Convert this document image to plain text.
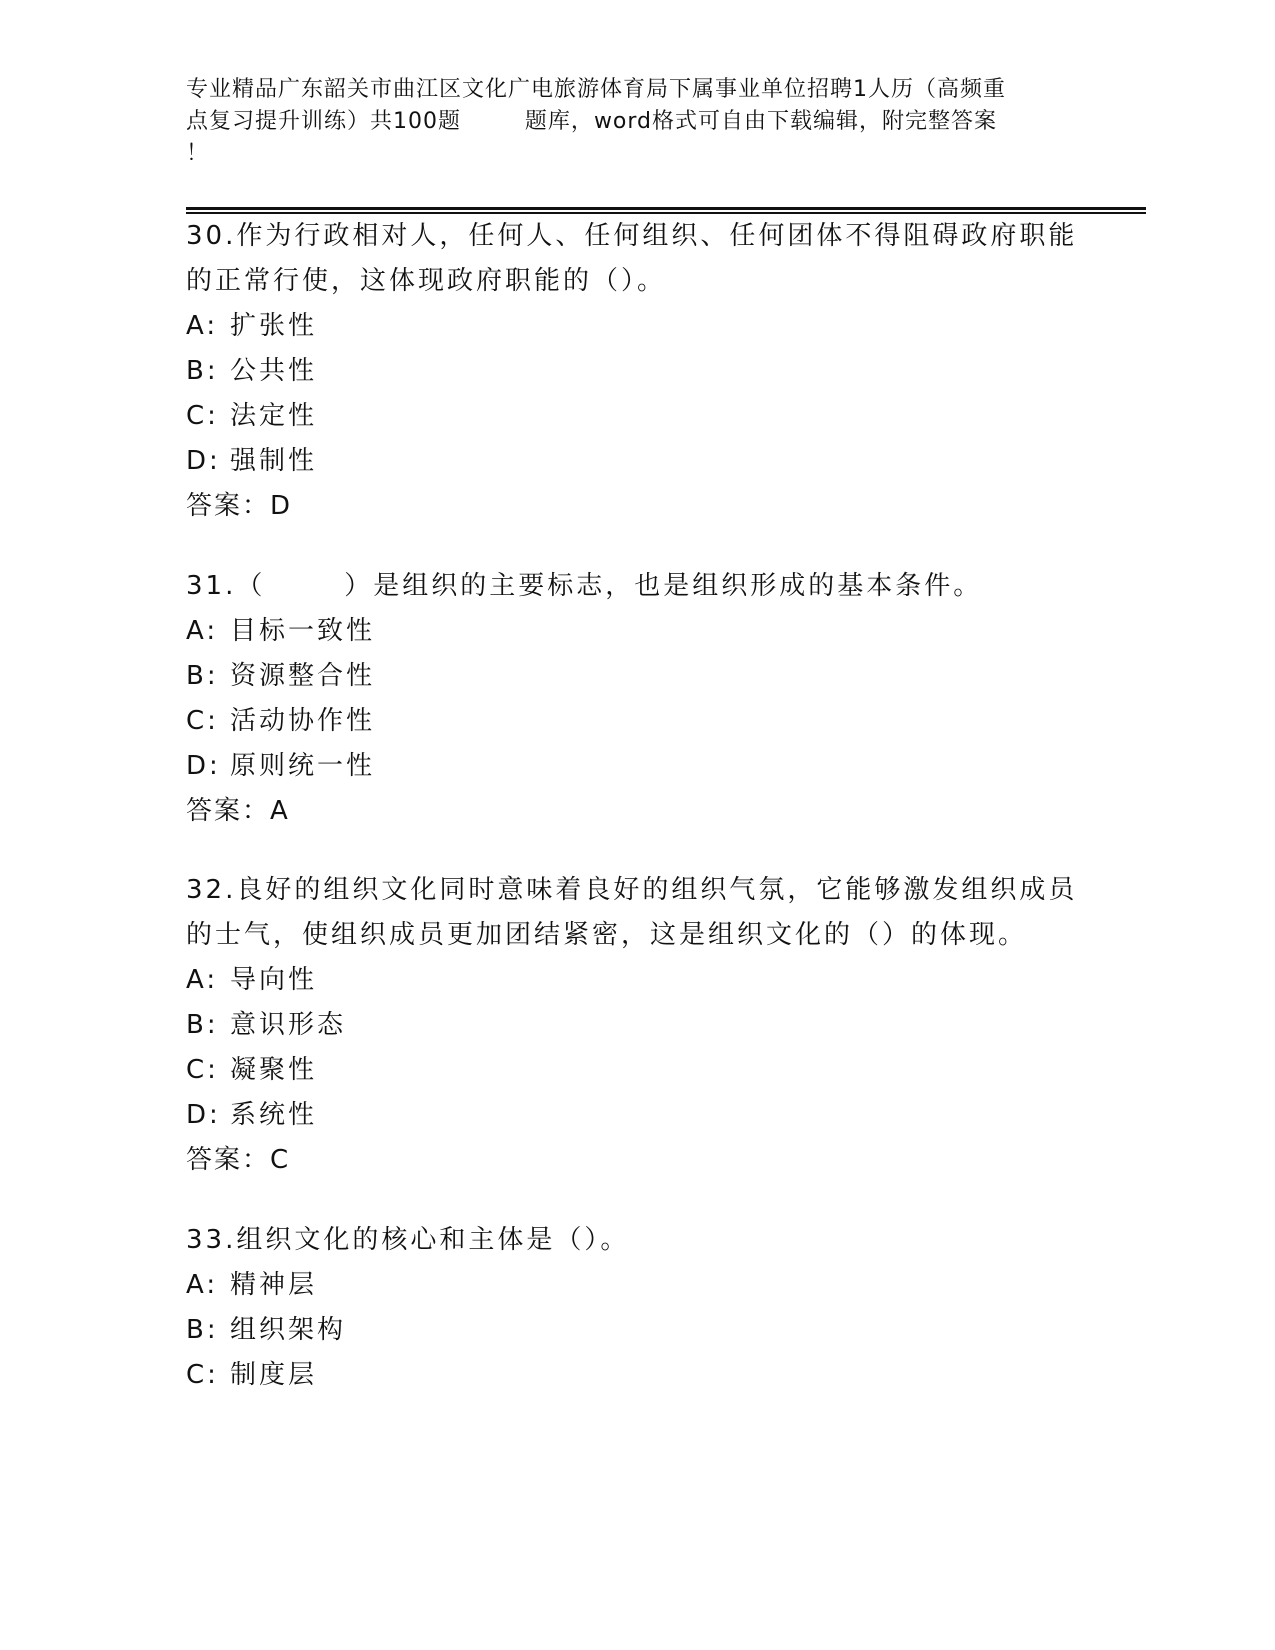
专业精品广东韶关市曲江区文化广电旅游体育局下属事业单位招聘1人历（高频重
点复习提升训练）共100题        题库，word格式可自由下载编辑，附完整答案
！
30.作为行政相对人，任何人、任何组织、任何团体不得阻碍政府职能
的正常行使，这体现政府职能的（）。
A: 扩张性
B: 公共性
C: 法定性
D: 强制性
答案：D
31.（       ）是组织的主要标志，也是组织形成的基本条件。
A: 目标一致性
B: 资源整合性
C: 活动协作性
D: 原则统一性
答案：A
32.良好的组织文化同时意味着良好的组织气氛，它能够激发组织成员
的士气，使组织成员更加团结紧密，这是组织文化的（）的体现。
A: 导向性
B: 意识形态
C: 凝聚性
D: 系统性
答案：C
33.组织文化的核心和主体是（）。
A: 精神层
B: 组织架构
C: 制度层
